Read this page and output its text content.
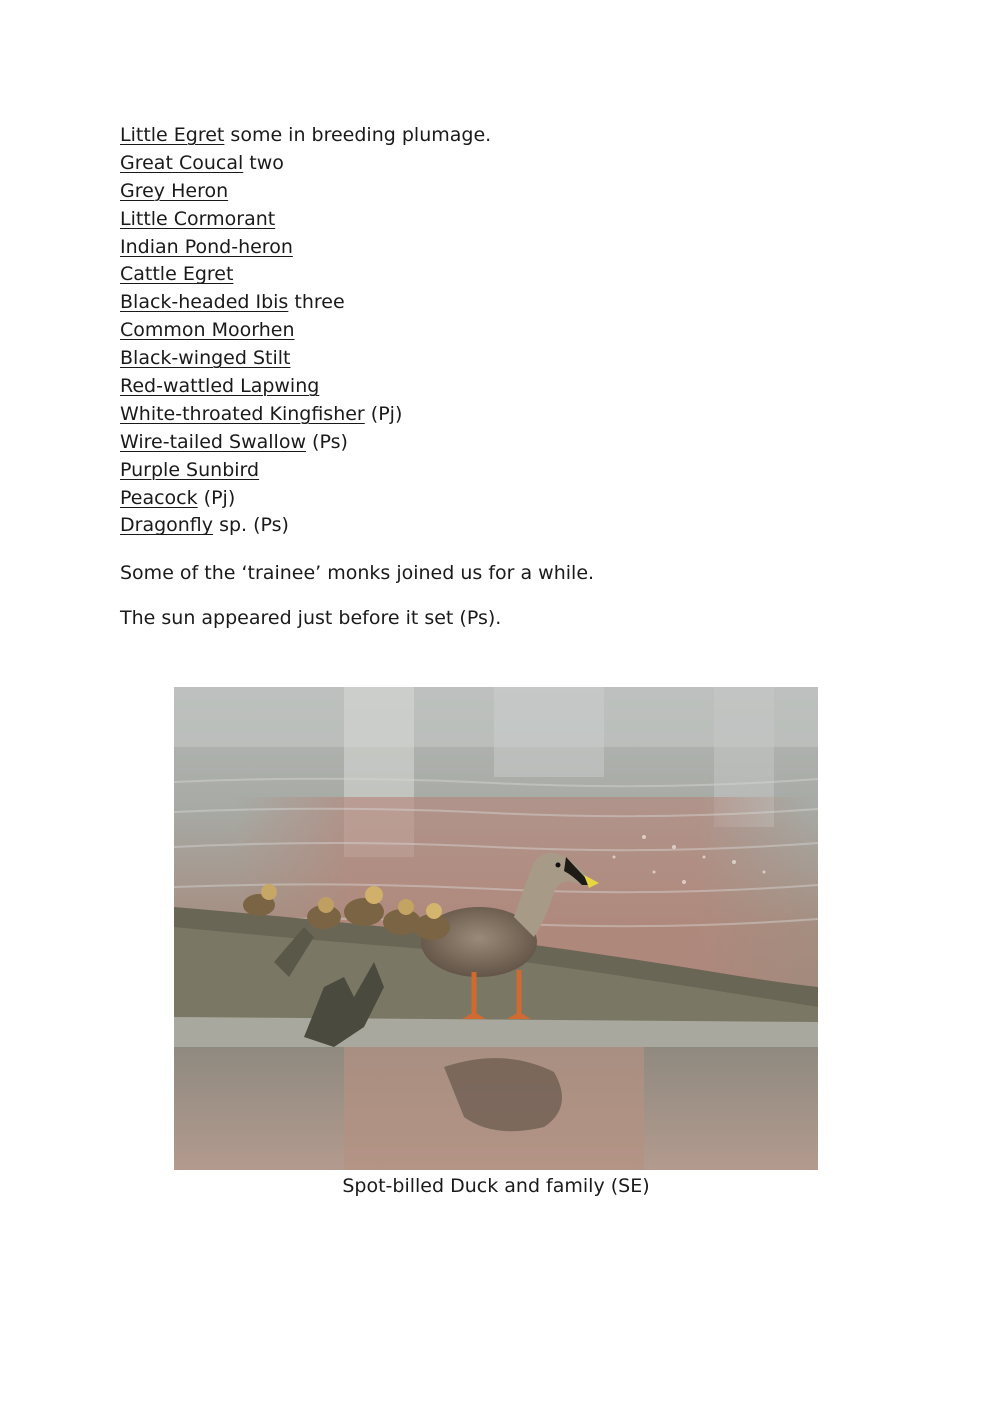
Little Egret some in breeding plumage.
Great Coucal two
Grey Heron
Little Cormorant
Indian Pond-heron
Cattle Egret
Black-headed Ibis three
Common Moorhen
Black-winged Stilt
Red-wattled Lapwing
White-throated Kingfisher (Pj)
Wire-tailed Swallow (Ps)
Purple Sunbird
Peacock (Pj)
Dragonfly sp. (Ps)

Some of the ‘trainee’ monks joined us for a while.

The sun appeared just before it set (Ps).

Spot-billed Duck and family (SE)
